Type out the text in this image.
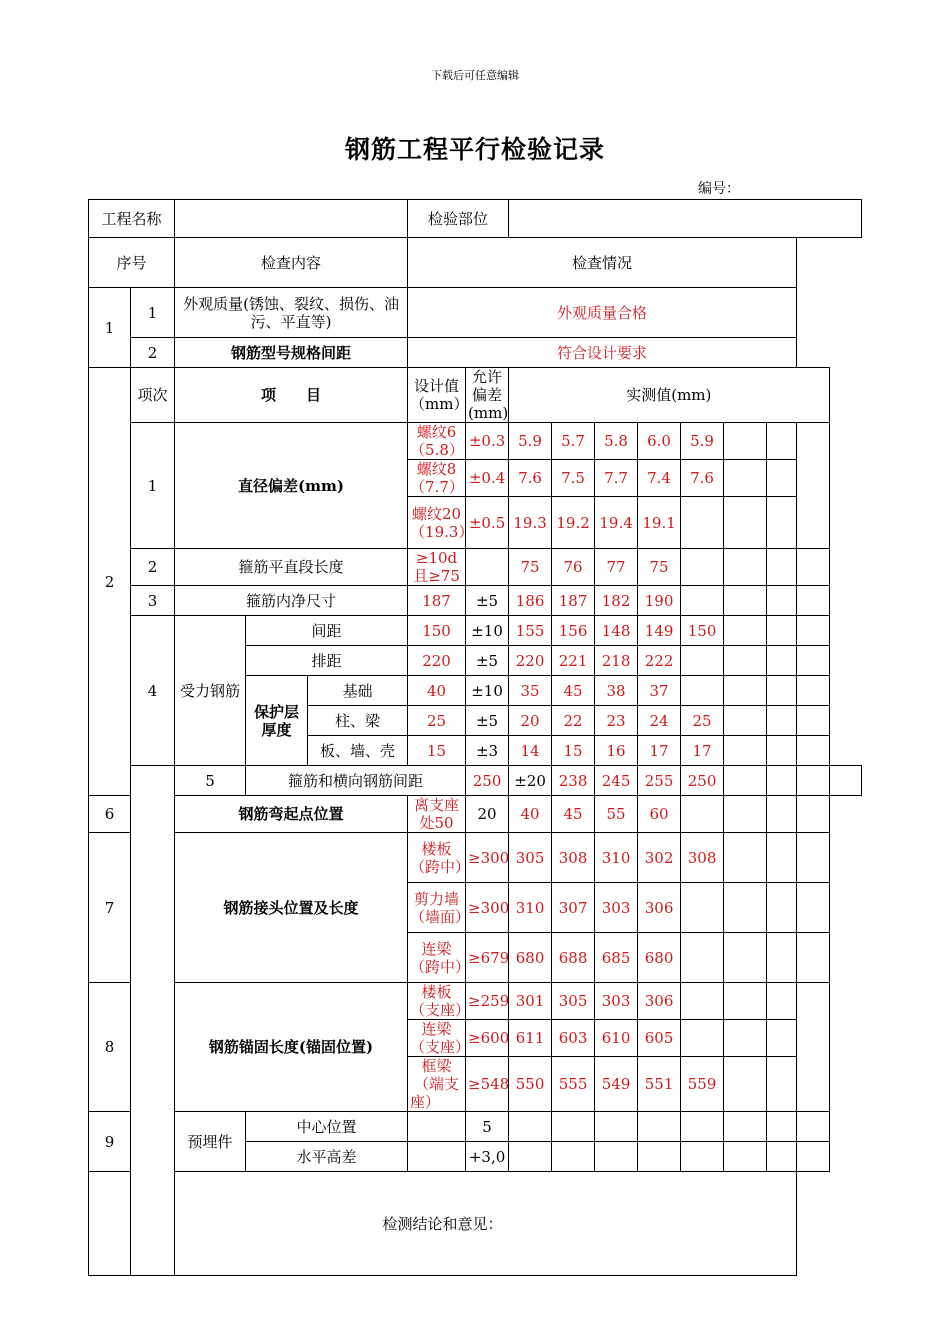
下载后可任意编辑
钢筋工程平行检验记录
编号：
工程名称					检验部位										
序号		检查内容			检查情况										
1	1	外观质量(锈蚀、裂纹、损伤、油污、平直等)			外观质量合格										
	2	钢筋型号规格间距			符合设计要求										
2	项次	项　　目			设计值（mm）	允许偏差(mm)	实测值(mm)								
	1	直径偏差(mm)			螺纹6（5.8）	±0.3	5.9	5.7	5.8	6.0	5.9				
					螺纹8（7.7）	±0.4	7.6	7.5	7.7	7.4	7.6				
					螺纹20（19.3）	±0.5	19.3	19.2	19.4	19.1					
	2	箍筋平直段长度			≥10d且≥75		75	76	77	75					
	3	箍筋内净尺寸			187	±5	186	187	182	190					
	4	受力钢筋	间距		150	±10	155	156	148	149	150				
			排距		220	±5	220	221	218	222					
			保护层厚度	基础	40	±10	35	45	38	37					
				柱、梁	25	±5	20	22	23	24	25				
				板、墙、壳	15	±3	14	15	16	17	17				
		5	箍筋和横向钢筋间距			250	±20	238	245	255	250				
6		钢筋弯起点位置			离支座处50	20	40	45	55	60					
7		钢筋接头位置及长度			楼板（跨中）	≥300	305	308	310	302	308				
					剪力墙（墙面）	≥300	310	307	303	306					
					连梁（跨中）	≥679	680	688	685	680					
8		钢筋锚固长度(锚固位置)			楼板（支座）	≥259	301	305	303	306					
					连梁（支座）	≥600	611	603	610	605					
					框梁（端支座）	≥548	550	555	549	551	559				
9		预埋件	中心位置			5									
			水平高差			+3,0									
检测结论和意见：															
